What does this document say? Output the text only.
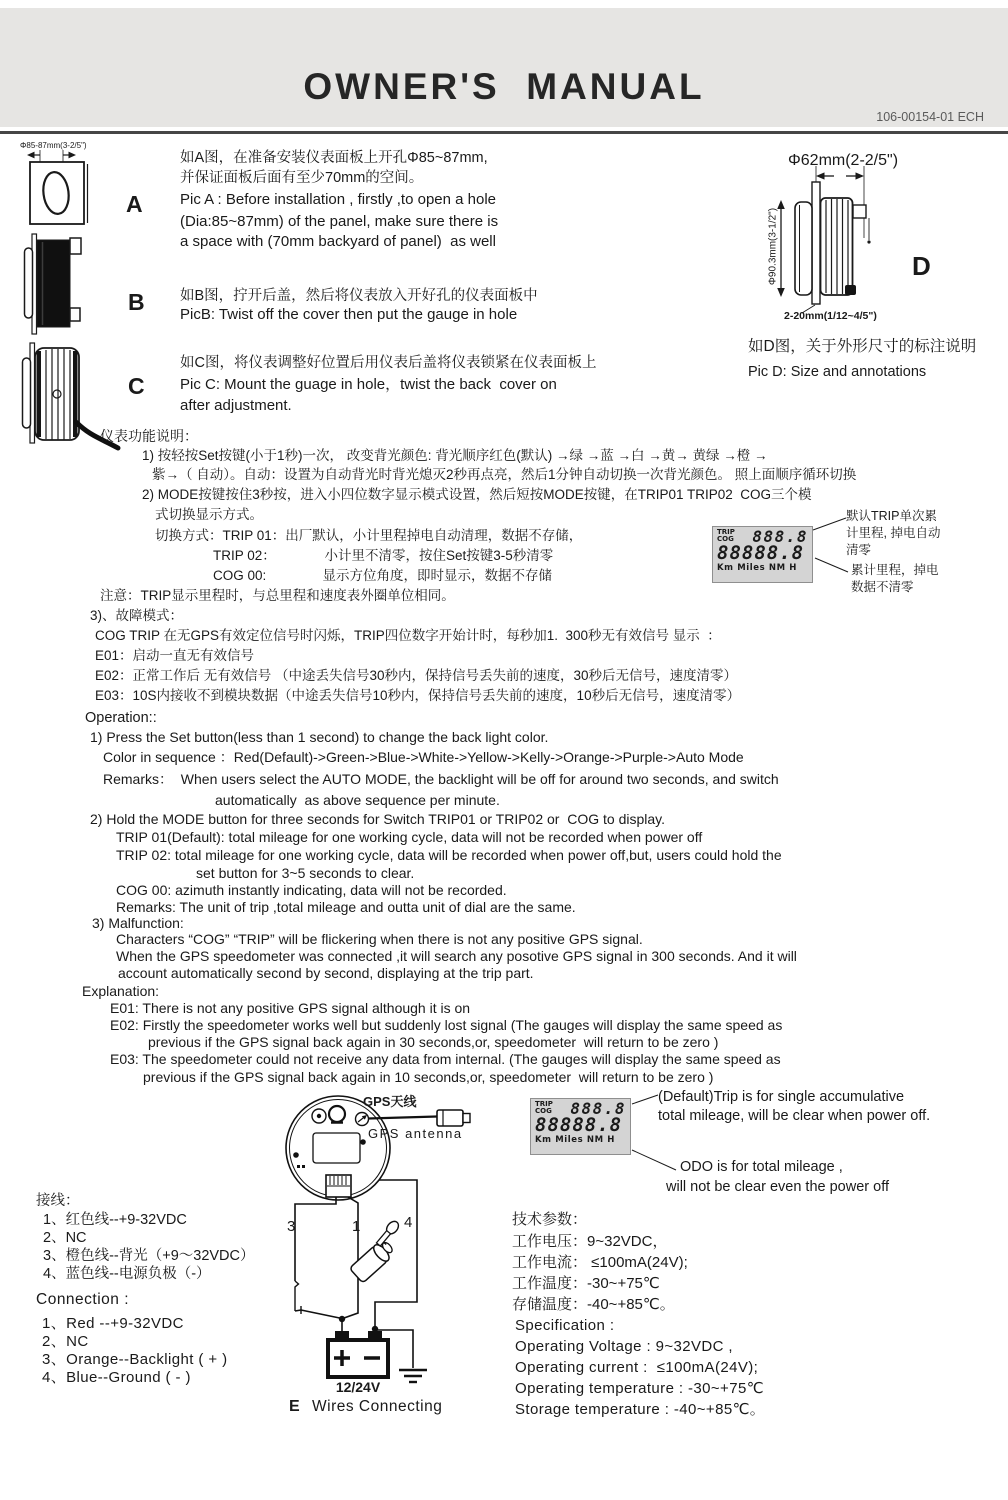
OWNER'S  MANUAL
106-00154-01 ECH
Φ85-87mm(3-2/5")
A
如A图，在准备安装仪表面板上开孔Φ85~87mm,
并保证面板后面有至少70mm的空间。
Pic A : Before installation , firstly ,to open a hole
(Dia:85~87mm) of the panel, make sure there is
a space with (70mm backyard of panel)  as well
B 如B图，拧开后盖，然后将仪表放入开好孔的仪表面板中
PicB: Twist off the cover then put the gauge in hole
C
如C图，将仪表调整好位置后用仪表后盖将仪表锁紧在仪表面板上
Pic C: Mount the guage in hole，twist the back  cover on
after adjustment.
Φ62mm(2-2/5")
Φ90.3mm(3-1/2")
2-20mm(1/12~4/5")
D
如D图，关于外形尺寸的标注说明
Pic D: Size and annotations
仪表功能说明：
1) 按轻按Set按键(小于1秒)一次， 改变背光颜色: 背光顺序红色(默认) →绿 →蓝 →白 →黄→ 黄绿 →橙 →
紫→（ 自动）。自动：设置为自动背光时背光熄灭2秒再点亮，然后1分钟自动切换一次背光颜色。 照上面顺序循环切换
2) MODE按键按住3秒按，进入小四位数字显示模式设置，然后短按MODE按键，在TRIP01 TRIP02  COG三个模
式切换显示方式。
切换方式：TRIP 01：出厂默认，小计里程掉电自动清理，数据不存储，
TRIP 02：             小计里不清零，按住Set按键3-5秒清零
COG 00:               显示方位角度，即时显示，数据不存储
注意：TRIP显示里程时，与总里程和速度表外圈单位相同。
3)、故障模式：
COG TRIP 在无GPS有效定位信号时闪烁，TRIP四位数字开始计时，每秒加1.  300秒无有效信号 显示  ：
E01：启动一直无有效信号
E02：正常工作后 无有效信号 （中途丢失信号30秒内，保持信号丢失前的速度，30秒后无信号，速度清零）
E03：10S内接收不到模块数据（中途丢失信号10秒内，保持信号丢失前的速度，10秒后无信号，速度清零）
TRIP
COG 888.8
88888.8
Km Miles NM H
默认TRIP单次累
计里程, 掉电自动
清零
累计里程，掉电
数据不清零
Operation::
1) Press the Set button(less than 1 second) to change the back light color.
Color in sequence ：Red(Default)->Green->Blue->White->Yellow->Kelly->Orange->Purple->Auto Mode
Remarks：  When users select the AUTO MODE, the backlight will be off for around two seconds, and switch
automatically  as above sequence per minute.
2) Hold the MODE button for three seconds for Switch TRIP01 or TRIP02 or  COG to display.
TRIP 01(Default): total mileage for one working cycle, data will not be recorded when power off
TRIP 02: total mileage for one working cycle, data will be recorded when power off,but, users could hold the
set button for 3~5 seconds to clear.
COG 00: azimuth instantly indicating, data will not be recorded.
Remarks: The unit of trip ,total mileage and outta unit of dial are the same.
3) Malfunction:
Characters “COG” “TRIP” will be flickering when there is not any positive GPS signal.
When the GPS speedometer was connected ,it will search any posotive GPS signal in 300 seconds. And it will
account automatically second by second, displaying at the trip part.
Explanation:
E01: There is not any positive GPS signal although it is on
E02: Firstly the speedometer works well but suddenly lost signal (The gauges will display the same speed as
previous if the GPS signal back again in 30 seconds,or, speedometer  will return to be zero )
E03: The speedometer could not receive any data from internal. (The gauges will display the same speed as
previous if the GPS signal back again in 10 seconds,or, speedometer  will return to be zero )
GPS天线
GPS antenna
3	1	4
12/24V
E Wires Connecting
TRIP
COG 888.8
88888.8
Km Miles NM H
(Default)Trip is for single accumulative
total mileage, will be clear when power off.
ODO is for total mileage ,
will not be clear even the power off
接线：
1、红色线--+9-32VDC
2、NC
3、橙色线--背光（+9～32VDC）
4、蓝色线--电源负极（-）
Connection :
1、Red --+9-32VDC
2、NC
3、Orange--Backlight ( + )
4、Blue--Ground ( - )
技术参数：
工作电压：9~32VDC，
工作电流： ≤100mA(24V);
工作温度：-30~+75℃
存储温度：-40~+85℃。
Specification :
Operating Voltage : 9~32VDC ,
Operating current :  ≤100mA(24V);
Operating temperature : -30~+75℃
Storage temperature : -40~+85℃。
